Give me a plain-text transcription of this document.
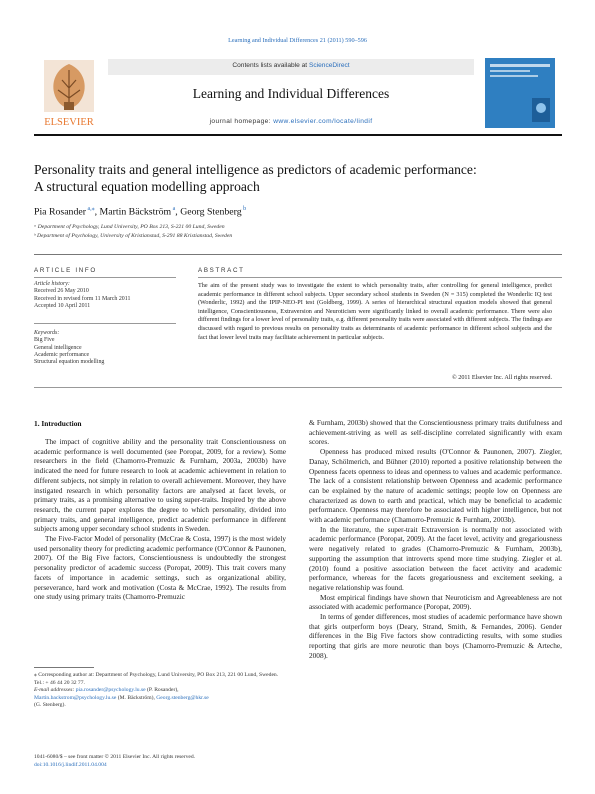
Learning and Individual Differences 21 (2011) 590–596
ELSEVIER
Contents lists available at ScienceDirect
Learning and Individual Differences
journal homepage: www.elsevier.com/locate/lindif
Personality traits and general intelligence as predictors of academic performance:
A structural equation modelling approach
Pia Rosander $^{a,⁎}$, Martin Bäckström $^a$, Georg Stenberg $^b$
ᵃ Department of Psychology, Lund University, PO Box 213, S-221 00 Lund, Sweden
ᵇ Department of Psychology, University of Kristianstad, S-291 88 Kristianstad, Sweden
ARTICLE INFO	ABSTRACT
Article history:
Received 26 May 2010
Received in revised form 11 March 2011
Accepted 10 April 2011
Keywords:
Big Five
General intelligence
Academic performance
Structural equation modelling
The aim of the present study was to investigate the extent to which personality traits, after controlling for general intelligence, predict academic performance in different school subjects. Upper secondary school students in Sweden (N = 315) completed the Wonderlic IQ test (Wonderlic, 1992) and the IPIP-NEO-PI test (Goldberg, 1999). A series of hierarchical structural equation models showed that general intelligence, Conscientiousness, Extraversion and Neuroticism were significantly linked to overall academic performance. There were also different findings for a lower level of personality traits, e.g. different personality traits were associated with different subjects. The findings are discussed with regard to previous results on personality traits as determinants of academic performance in different school subjects and the fact that lower level traits may facilitate achievement in particular subjects.
© 2011 Elsevier Inc. All rights reserved.
1. Introduction

The impact of cognitive ability and the personality trait Conscientiousness on academic performance is well documented (see Poropat, 2009, for a review). Some researchers in the field (Chamorro-Premuzic & Furnham, 2003a, 2003b) have indicated the need for future research to look at academic achievement in relation to different subjects, not simply in relation to overall achievement. Moreover, they have instigated research in which personality factors are analysed at facet levels, or primary traits, as a promising alternative to using super-traits. Inspired by the above research, the current paper explores the degree to which personality, divided into primary traits, and general intelligence, predict academic performance in different subjects among upper secondary school students in Sweden.

The Five-Factor Model of personality (McCrae & Costa, 1997) is the most widely used personality theory for predicting academic performance (O'Connor & Paunonen, 2007). Of the Big Five factors, Conscientiousness is undoubtedly the strongest personality predictor of academic success (Poropat, 2009). This trait covers many facets of importance in academic settings, such as organizational ability, perseverance, hard work and motivation (Costa & McCrae, 1992). The results from one study using primary traits (Chamorro-Premuzic

& Furnham, 2003b) showed that the Conscientiousness primary traits dutifulness and achievement-striving as well as self-discipline correlated significantly with exam scores.

Openness has produced mixed results (O'Connor & Paunonen, 2007). Ziegler, Danay, Schölmerich, and Bühner (2010) reported a positive relationship between the Openness facets openness to ideas and openness to values and academic performance. The lack of a consistent relationship between Openness and academic performance can be explained by the nature of academic settings; people low on Openness are characterized as down to earth and practical, which may be beneficial to academic performance. Openness may therefore be associated with higher intelligence, but not with academic performance (Chamorro-Premuzic & Furnham, 2003b).

In the literature, the super-trait Extraversion is normally not associated with academic performance (Poropat, 2009). At the facet level, activity and gregariousness were negatively related to grades (Chamorro-Premuzic & Furnham, 2003b), supporting the assumption that introverts spend more time studying. Ziegler et al. (2010) found a positive association between the facet activity and academic performance, whereas for the facets gregariousness and excitement seeking, a negative relationship was found.

Most empirical findings have shown that Neuroticism and Agreeableness are not associated with academic performance (Poropat, 2009).

In terms of gender differences, most studies of academic performance have shown that girls outperform boys (Deary, Strand, Smith, & Fernandes, 2006). Gender differences in the Big Five factors show contradicting results, with some studies reporting that girls are more neurotic than boys (Chamorro-Premuzic & Arteche, 2008).

⁎ Corresponding author at: Department of Psychology, Lund University, PO Box 213, 221 00 Lund, Sweden. Tel.: + 46 44 20 32 77.
E-mail addresses: pia.rosander@psychology.lu.se (P. Rosander),
Martin.backstrom@psychology.lu.se (M. Bäckström), Georg.stenberg@hkr.se
(G. Stenberg).
1041-6080/$ – see front matter © 2011 Elsevier Inc. All rights reserved.
doi:10.1016/j.lindif.2011.04.004
